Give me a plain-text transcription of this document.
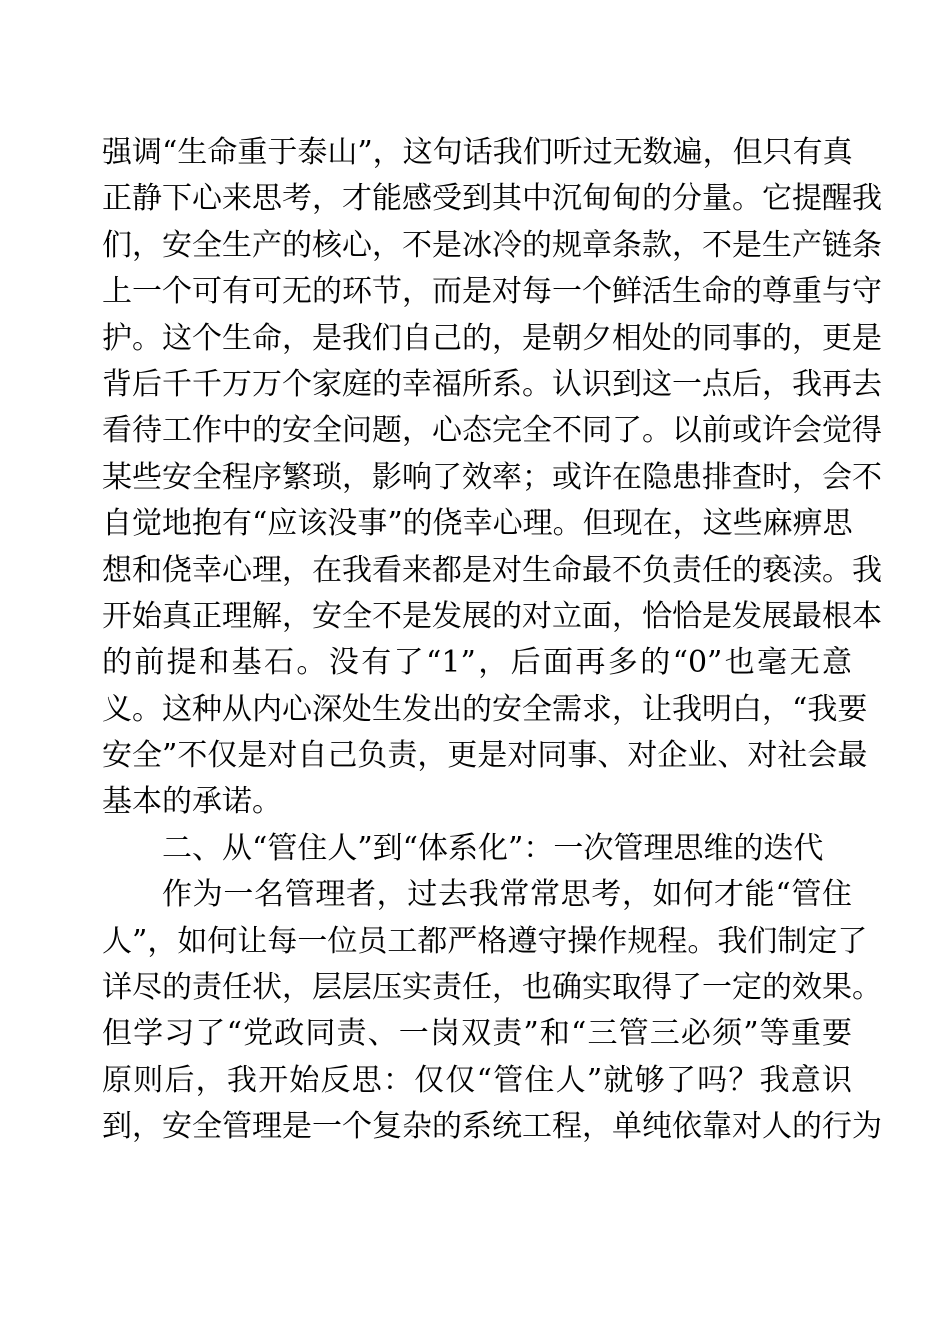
强调“生命重于泰山”，这句话我们听过无数遍，但只有真
正静下心来思考，才能感受到其中沉甸甸的分量。它提醒我
们，安全生产的核心，不是冰冷的规章条款，不是生产链条
上一个可有可无的环节，而是对每一个鲜活生命的尊重与守
护。这个生命，是我们自己的，是朝夕相处的同事的，更是
背后千千万万个家庭的幸福所系。认识到这一点后，我再去
看待工作中的安全问题，心态完全不同了。以前或许会觉得
某些安全程序繁琐，影响了效率；或许在隐患排查时，会不
自觉地抱有“应该没事”的侥幸心理。但现在，这些麻痹思
想和侥幸心理，在我看来都是对生命最不负责任的亵渎。我
开始真正理解，安全不是发展的对立面，恰恰是发展最根本
的前提和基石。没有了“1”，后面再多的“0”也毫无意
义。这种从内心深处生发出的安全需求，让我明白，“我要
安全”不仅是对自己负责，更是对同事、对企业、对社会最
基本的承诺。
二、从“管住人”到“体系化”：一次管理思维的迭代
作为一名管理者，过去我常常思考，如何才能“管住
人”，如何让每一位员工都严格遵守操作规程。我们制定了
详尽的责任状，层层压实责任，也确实取得了一定的效果。
但学习了“党政同责、一岗双责”和“三管三必须”等重要
原则后，我开始反思：仅仅“管住人”就够了吗？我意识
到，安全管理是一个复杂的系统工程，单纯依靠对人的行为
